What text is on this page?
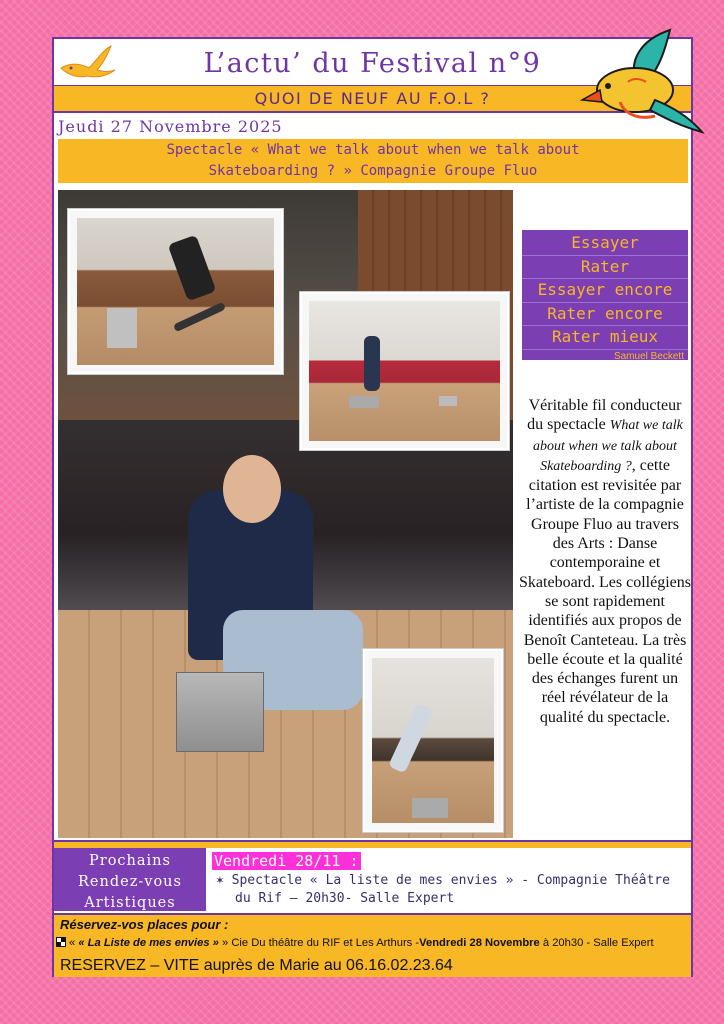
L’actu’ du Festival n°9
QUOI DE NEUF AU F.O.L ?
Jeudi 27 Novembre 2025
Spectacle « What we talk about when we talk about
Skateboarding ? » Compagnie Groupe Fluo
Essayer
Rater
Essayer encore
Rater encore
Rater mieux
Samuel Beckett
Véritable fil conducteur du spectacle What we talk about when we talk about Skateboarding ?, cette citation est revisitée par l’artiste de la compagnie Groupe Fluo au travers des Arts : Danse contemporaine et Skateboard. Les collégiens se sont rapidement identifiés aux propos de Benoît Canteteau. La très belle écoute et la qualité des échanges furent un réel révélateur de la qualité du spectacle.
Prochains
Rendez-vous
Artistiques
Vendredi 28/11 :
✶ Spectacle « La liste de mes envies » - Compagnie Théâtre
du Rif – 20h30- Salle Expert
Réservez-vos places pour :
« « La Liste de mes envies » » Cie Du théâtre du RIF et Les Arthurs -Vendredi 28 Novembre à 20h30 - Salle Expert
RESERVEZ – VITE auprès de Marie au 06.16.02.23.64
